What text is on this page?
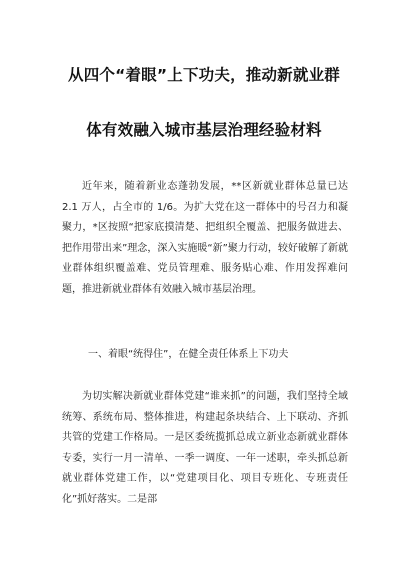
从四个“着眼”上下功夫，推动新就业群
体有效融入城市基层治理经验材料
近年来，随着新业态蓬勃发展，**区新就业群体总量已达 2.1 万人，占全市的 1/6。为扩大党在这一群体中的号召力和凝聚力，*区按照“把家底摸清楚、把组织全覆盖、把服务做进去、把作用带出来”理念，深入实施暖“新”聚力行动，较好破解了新就业群体组织覆盖难、党员管理难、服务贴心难、作用发挥难问题，推进新就业群体有效融入城市基层治理。
一、着眼“统得住”，在健全责任体系上下功夫
为切实解决新就业群体党建“谁来抓”的问题，我们坚持全域统筹、系统布局、整体推进，构建起条块结合、上下联动、齐抓共管的党建工作格局。一是区委统揽抓总成立新业态新就业群体专委，实行一月一清单、一季一调度、一年一述职，牵头抓总新就业群体党建工作，以“党建项目化、项目专班化、专班责任化”抓好落实。二是部
